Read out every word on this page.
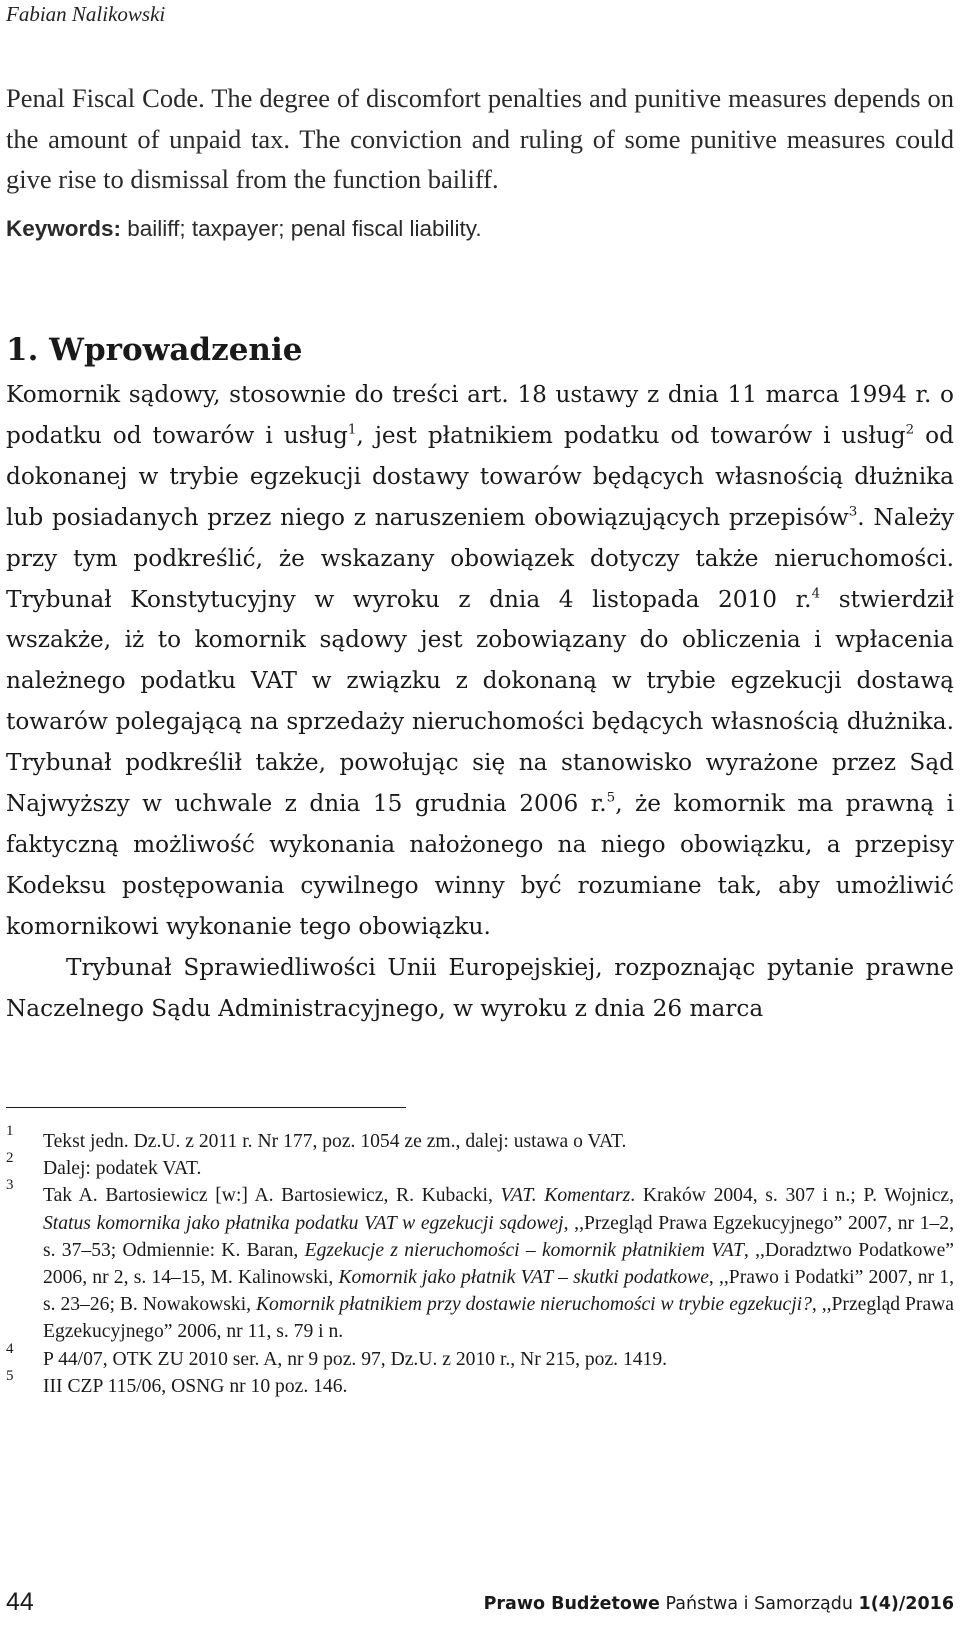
Fabian Nalikowski

Penal Fiscal Code. The degree of discomfort penalties and punitive measures depends on the amount of unpaid tax. The conviction and ruling of some punitive measures could give rise to dismissal from the function bailiff.

Keywords: bailiff; taxpayer; penal fiscal liability.
1. Wprowadzenie

Komornik sądowy, stosownie do treści art. 18 ustawy z dnia 11 marca 1994 r. o podatku od towarów i usług$^1$, jest płatnikiem podatku od towarów i usług$^2$ od dokonanej w trybie egzekucji dostawy towarów będących własnością dłużnika lub posiadanych przez niego z naruszeniem obowiązujących przepisów$^3$. Należy przy tym podkreślić, że wskazany obowiązek dotyczy także nieruchomości. Trybunał Konstytucyjny w wyroku z dnia 4 listopada 2010 r.$^4$ stwierdził wszakże, iż to komornik sądowy jest zobowiązany do obliczenia i wpłacenia należnego podatku VAT w związku z dokonaną w trybie egzekucji dostawą towarów polegającą na sprzedaży nieruchomości będących własnością dłużnika. Trybunał podkreślił także, powołując się na stanowisko wyrażone przez Sąd Najwyższy w uchwale z dnia 15 grudnia 2006 r.$^5$, że komornik ma prawną i faktyczną możliwość wykonania nałożonego na niego obowiązku, a przepisy Kodeksu postępowania cywilnego winny być rozumiane tak, aby umożliwić komornikowi wykonanie tego obowiązku.

Trybunał Sprawiedliwości Unii Europejskiej, rozpoznając pytanie prawne Naczelnego Sądu Administracyjnego, w wyroku z dnia 26 marca

1 Tekst jedn. Dz.U. z 2011 r. Nr 177, poz. 1054 ze zm., dalej: ustawa o VAT.
2 Dalej: podatek VAT.
3 Tak A. Bartosiewicz [w:] A. Bartosiewicz, R. Kubacki, VAT. Komentarz. Kraków 2004, s. 307 i n.; P. Wojnicz, Status komornika jako płatnika podatku VAT w egzekucji sądowej, ,,Przegląd Prawa Egzekucyjnego” 2007, nr 1–2, s. 37–53; Odmiennie: K. Baran, Egzekucje z nieruchomości – komornik płatnikiem VAT, ,,Doradztwo Podatkowe” 2006, nr 2, s. 14–15, M. Kalinowski, Komornik jako płatnik VAT – skutki podatkowe, ,,Prawo i Podatki” 2007, nr 1, s. 23–26; B. Nowakowski, Komornik płatnikiem przy dostawie nieruchomości w trybie egzekucji?, ,,Przegląd Prawa Egzekucyjnego” 2006, nr 11, s. 79 i n.
4 P 44/07, OTK ZU 2010 ser. A, nr 9 poz. 97, Dz.U. z 2010 r., Nr 215, poz. 1419.
5 III CZP 115/06, OSNG nr 10 poz. 146.
44	Prawo Budżetowe Państwa i Samorządu 1(4)/2016
